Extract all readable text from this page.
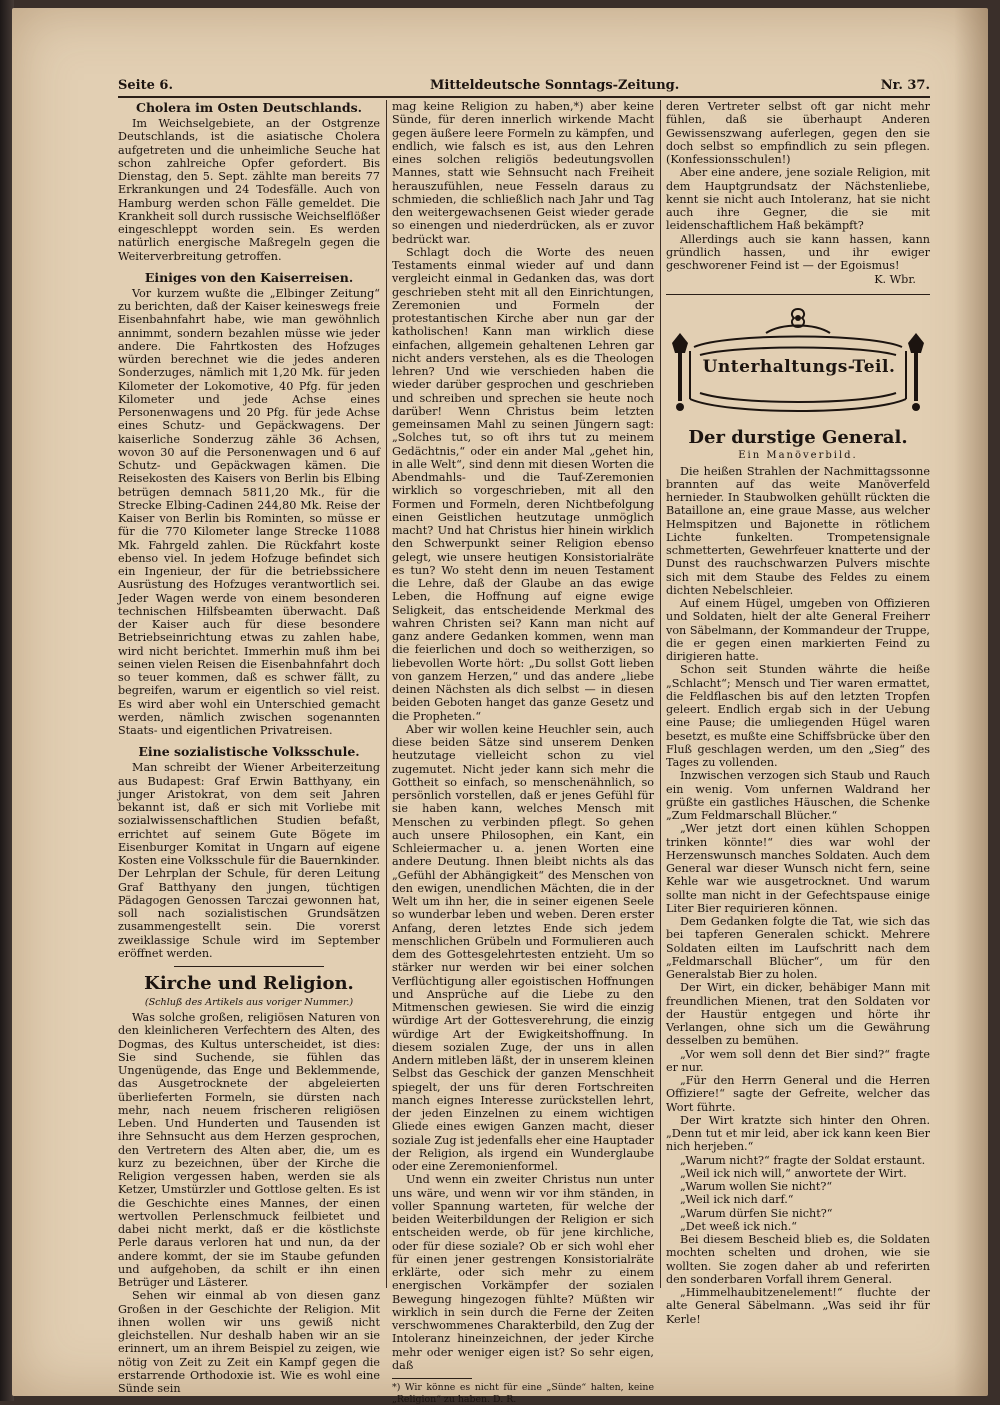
Seite 6.	Mitteldeutsche Sonntags-Zeitung.	Nr. 37.
Cholera im Osten Deutschlands.

Im Weichselgebiete, an der Ostgrenze Deutschlands, ist die asiatische Cholera aufgetreten und die unheimliche Seuche hat schon zahlreiche Opfer gefordert. Bis Dienstag, den 5. Sept. zählte man bereits 77 Erkrankungen und 24 Todesfälle. Auch von Hamburg werden schon Fälle gemeldet. Die Krankheit soll durch russische Weichselflößer eingeschleppt worden sein. Es werden natürlich energische Maßregeln gegen die Weiterverbreitung getroffen.

Einiges von den Kaiserreisen.

Vor kurzem wußte die „Elbinger Zeitung“ zu berichten, daß der Kaiser keineswegs freie Eisenbahnfahrt habe, wie man gewöhnlich annimmt, sondern bezahlen müsse wie jeder andere. Die Fahrtkosten des Hofzuges würden berechnet wie die jedes anderen Sonderzuges, nämlich mit 1,20 Mk. für jeden Kilometer der Lokomotive, 40 Pfg. für jeden Kilometer und jede Achse eines Personenwagens und 20 Pfg. für jede Achse eines Schutz- und Gepäckwagens. Der kaiserliche Sonderzug zähle 36 Achsen, wovon 30 auf die Personenwagen und 6 auf Schutz- und Gepäckwagen kämen. Die Reisekosten des Kaisers von Berlin bis Elbing betrügen demnach 5811,20 Mk., für die Strecke Elbing-Cadinen 244,80 Mk. Reise der Kaiser von Berlin bis Rominten, so müsse er für die 770 Kilometer lange Strecke 11088 Mk. Fahrgeld zahlen. Die Rückfahrt koste ebenso viel. In jedem Hofzuge befindet sich ein Ingenieur, der für die betriebssichere Ausrüstung des Hofzuges verantwortlich sei. Jeder Wagen werde von einem besonderen technischen Hilfsbeamten überwacht. Daß der Kaiser auch für diese besondere Betriebseinrichtung etwas zu zahlen habe, wird nicht berichtet. Immerhin muß ihm bei seinen vielen Reisen die Eisenbahnfahrt doch so teuer kommen, daß es schwer fällt, zu begreifen, warum er eigentlich so viel reist. Es wird aber wohl ein Unterschied gemacht werden, nämlich zwischen sogenannten Staats- und eigentlichen Privatreisen.

Eine sozialistische Volksschule.

Man schreibt der Wiener Arbeiterzeitung aus Budapest: Graf Erwin Batthyany, ein junger Aristokrat, von dem seit Jahren bekannt ist, daß er sich mit Vorliebe mit sozialwissenschaftlichen Studien befaßt, errichtet auf seinem Gute Bögete im Eisenburger Komitat in Ungarn auf eigene Kosten eine Volksschule für die Bauernkinder. Der Lehrplan der Schule, für deren Leitung Graf Batthyany den jungen, tüchtigen Pädagogen Genossen Tarczai gewonnen hat, soll nach sozialistischen Grundsätzen zusammengestellt sein. Die vorerst zweiklassige Schule wird im September eröffnet werden.

Kirche und Religion.
(Schluß des Artikels aus voriger Nummer.)

Was solche großen, religiösen Naturen von den kleinlicheren Verfechtern des Alten, des Dogmas, des Kultus unterscheidet, ist dies: Sie sind Suchende, sie fühlen das Ungenügende, das Enge und Beklemmende, das Ausgetrocknete der abgeleierten überlieferten Formeln, sie dürsten nach mehr, nach neuem frischeren religiösen Leben. Und Hunderten und Tausenden ist ihre Sehnsucht aus dem Herzen gesprochen, den Vertretern des Alten aber, die, um es kurz zu bezeichnen, über der Kirche die Religion vergessen haben, werden sie als Ketzer, Umstürzler und Gottlose gelten. Es ist die Geschichte eines Mannes, der einen wertvollen Perlenschmuck feilbietet und dabei nicht merkt, daß er die köstlichste Perle daraus verloren hat und nun, da der andere kommt, der sie im Staube gefunden und aufgehoben, da schilt er ihn einen Betrüger und Lästerer.

Sehen wir einmal ab von diesen ganz Großen in der Geschichte der Religion. Mit ihnen wollen wir uns gewiß nicht gleichstellen. Nur deshalb haben wir an sie erinnert, um an ihrem Beispiel zu zeigen, wie nötig von Zeit zu Zeit ein Kampf gegen die erstarrende Orthodoxie ist. Wie es wohl eine Sünde sein

mag keine Religion zu haben,*) aber keine Sünde, für deren innerlich wirkende Macht gegen äußere leere Formeln zu kämpfen, und endlich, wie falsch es ist, aus den Lehren eines solchen religiös bedeutungsvollen Mannes, statt wie Sehnsucht nach Freiheit herauszufühlen, neue Fesseln daraus zu schmieden, die schließlich nach Jahr und Tag den weitergewachsenen Geist wieder gerade so einengen und niederdrücken, als er zuvor bedrückt war.

Schlagt doch die Worte des neuen Testaments einmal wieder auf und dann vergleicht einmal in Gedanken das, was dort geschrieben steht mit all den Einrichtungen, Zeremonien und Formeln der protestantischen Kirche aber nun gar der katholischen! Kann man wirklich diese einfachen, allgemein gehaltenen Lehren gar nicht anders verstehen, als es die Theologen lehren? Und wie verschieden haben die wieder darüber gesprochen und geschrieben und schreiben und sprechen sie heute noch darüber! Wenn Christus beim letzten gemeinsamen Mahl zu seinen Jüngern sagt: „Solches tut, so oft ihrs tut zu meinem Gedächtnis,“ oder ein ander Mal „gehet hin, in alle Welt“, sind denn mit diesen Worten die Abendmahls- und die Tauf-Zeremonien wirklich so vorgeschrieben, mit all den Formen und Formeln, deren Nichtbefolgung einen Geistlichen heutzutage unmöglich macht? Und hat Christus hier hinein wirklich den Schwerpunkt seiner Religion ebenso gelegt, wie unsere heutigen Konsistorialräte es tun? Wo steht denn im neuen Testament die Lehre, daß der Glaube an das ewige Leben, die Hoffnung auf eigne ewige Seligkeit, das entscheidende Merkmal des wahren Christen sei? Kann man nicht auf ganz andere Gedanken kommen, wenn man die feierlichen und doch so weitherzigen, so liebevollen Worte hört: „Du sollst Gott lieben von ganzem Herzen,“ und das andere „liebe deinen Nächsten als dich selbst — in diesen beiden Geboten hanget das ganze Gesetz und die Propheten.“

Aber wir wollen keine Heuchler sein, auch diese beiden Sätze sind unserem Denken heutzutage vielleicht schon zu viel zugemutet. Nicht jeder kann sich mehr die Gottheit so einfach, so menschenähnlich, so persönlich vorstellen, daß er jenes Gefühl für sie haben kann, welches Mensch mit Menschen zu verbinden pflegt. So gehen auch unsere Philosophen, ein Kant, ein Schleiermacher u. a. jenen Worten eine andere Deutung. Ihnen bleibt nichts als das „Gefühl der Abhängigkeit“ des Menschen von den ewigen, unendlichen Mächten, die in der Welt um ihn her, die in seiner eigenen Seele so wunderbar leben und weben. Deren erster Anfang, deren letztes Ende sich jedem menschlichen Grübeln und Formulieren auch dem des Gottesgelehrtesten entzieht. Um so stärker nur werden wir bei einer solchen Verflüchtigung aller egoistischen Hoffnungen und Ansprüche auf die Liebe zu den Mitmenschen gewiesen. Sie wird die einzig würdige Art der Gottesverehrung, die einzig würdige Art der Ewigkeitshoffnung. In diesem sozialen Zuge, der uns in allen Andern mitleben läßt, der in unserem kleinen Selbst das Geschick der ganzen Menschheit spiegelt, der uns für deren Fortschreiten manch eignes Interesse zurückstellen lehrt, der jeden Einzelnen zu einem wichtigen Gliede eines ewigen Ganzen macht, dieser soziale Zug ist jedenfalls eher eine Hauptader der Religion, als irgend ein Wunderglaube oder eine Zeremonienformel.

Und wenn ein zweiter Christus nun unter uns wäre, und wenn wir vor ihm ständen, in voller Spannung warteten, für welche der beiden Weiterbildungen der Religion er sich entscheiden werde, ob für jene kirchliche, oder für diese soziale? Ob er sich wohl eher für einen jener gestrengen Konsistorialräte erklärte, oder sich mehr zu einem energischen Vorkämpfer der sozialen Bewegung hingezogen fühlte? Müßten wir wirklich in sein durch die Ferne der Zeiten verschwommenes Charakterbild, den Zug der Intoleranz hineinzeichnen, der jeder Kirche mehr oder weniger eigen ist? So sehr eigen, daß

*) Wir könne es nicht für eine „Sünde“ halten, keine „Religion“ zu haben. D. R.

deren Vertreter selbst oft gar nicht mehr fühlen, daß sie überhaupt Anderen Gewissenszwang auferlegen, gegen den sie doch selbst so empfindlich zu sein pflegen. (Konfessionsschulen!)

Aber eine andere, jene soziale Religion, mit dem Hauptgrundsatz der Nächstenliebe, kennt sie nicht auch Intoleranz, hat sie nicht auch ihre Gegner, die sie mit leidenschaftlichem Haß bekämpft?

Allerdings auch sie kann hassen, kann gründlich hassen, und ihr ewiger geschworener Feind ist — der Egoismus!

K. Wbr.
Unterhaltungs-Teil.
Der durstige General.
Ein Manöverbild.

Die heißen Strahlen der Nachmittagssonne brannten auf das weite Manöverfeld hernieder. In Staubwolken gehüllt rückten die Bataillone an, eine graue Masse, aus welcher Helmspitzen und Bajonette in rötlichem Lichte funkelten. Trompetensignale schmetterten, Gewehrfeuer knatterte und der Dunst des rauchschwarzen Pulvers mischte sich mit dem Staube des Feldes zu einem dichten Nebelschleier.

Auf einem Hügel, umgeben von Offizieren und Soldaten, hielt der alte General Freiherr von Säbelmann, der Kommandeur der Truppe, die er gegen einen markierten Feind zu dirigieren hatte.

Schon seit Stunden währte die heiße „Schlacht“; Mensch und Tier waren ermattet, die Feldflaschen bis auf den letzten Tropfen geleert. Endlich ergab sich in der Uebung eine Pause; die umliegenden Hügel waren besetzt, es mußte eine Schiffsbrücke über den Fluß geschlagen werden, um den „Sieg“ des Tages zu vollenden.

Inzwischen verzogen sich Staub und Rauch ein wenig. Vom unfernen Waldrand her grüßte ein gastliches Häuschen, die Schenke „Zum Feldmarschall Blücher.“

„Wer jetzt dort einen kühlen Schoppen trinken könnte!“ dies war wohl der Herzenswunsch manches Soldaten. Auch dem General war dieser Wunsch nicht fern, seine Kehle war wie ausgetrocknet. Und warum sollte man nicht in der Gefechtspause einige Liter Bier requirieren können.

Dem Gedanken folgte die Tat, wie sich das bei tapferen Generalen schickt. Mehrere Soldaten eilten im Laufschritt nach dem „Feldmarschall Blücher“, um für den Generalstab Bier zu holen.

Der Wirt, ein dicker, behäbiger Mann mit freundlichen Mienen, trat den Soldaten vor der Haustür entgegen und hörte ihr Verlangen, ohne sich um die Gewährung desselben zu bemühen.

„Vor wem soll denn det Bier sind?“ fragte er nur.

„Für den Herrn General und die Herren Offiziere!“ sagte der Gefreite, welcher das Wort führte.

Der Wirt kratzte sich hinter den Ohren. „Denn tut et mir leid, aber ick kann keen Bier nich herjeben.“

„Warum nicht?“ fragte der Soldat erstaunt.

„Weil ick nich will,“ anwortete der Wirt.

„Warum wollen Sie nicht?“

„Weil ick nich darf.“

„Warum dürfen Sie nicht?“

„Det weeß ick nich.“

Bei diesem Bescheid blieb es, die Soldaten mochten schelten und drohen, wie sie wollten. Sie zogen daher ab und referirten den sonderbaren Vorfall ihrem General.

„Himmelhaubitzenelement!“ fluchte der alte General Säbelmann. „Was seid ihr für Kerle!
